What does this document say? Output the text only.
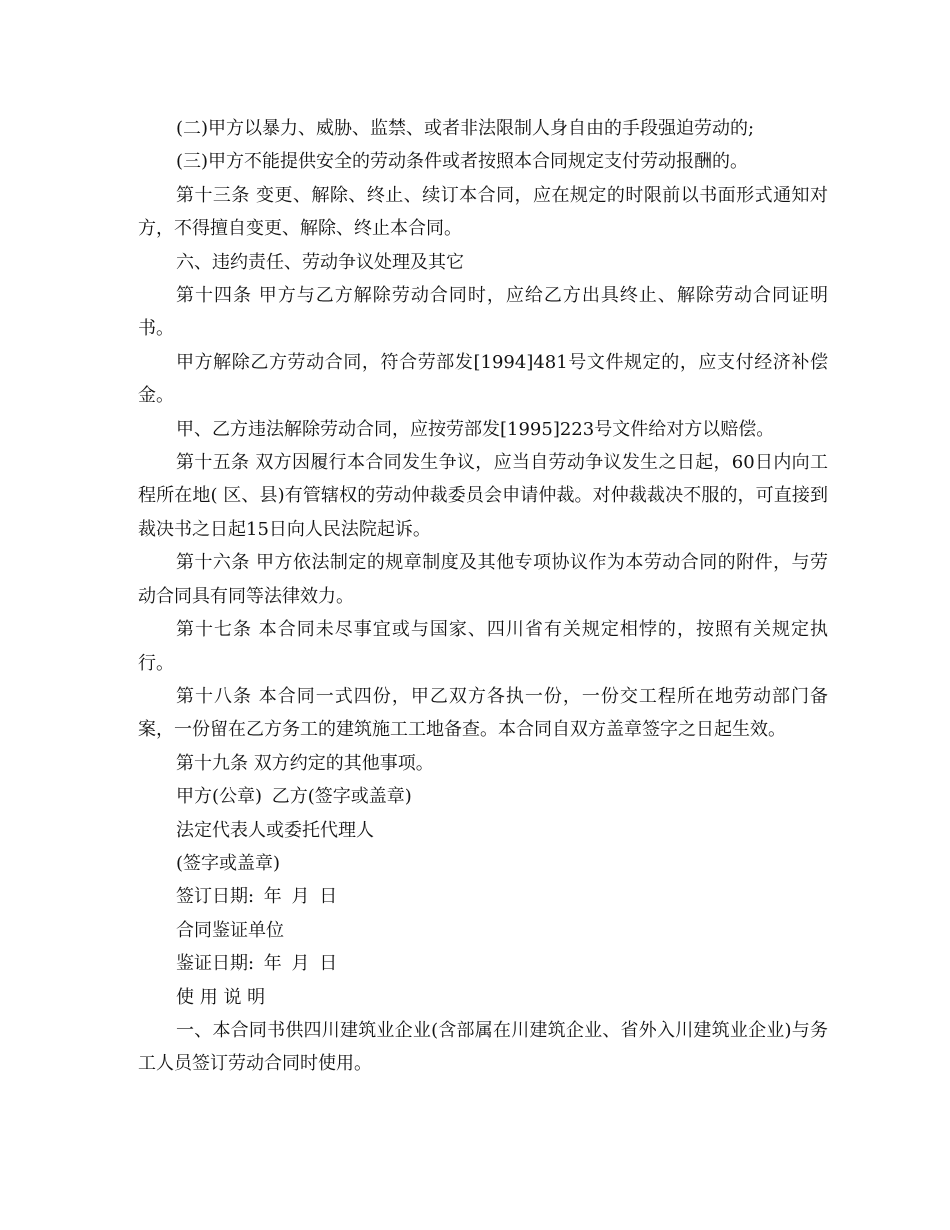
(二)甲方以暴力、威胁、监禁、或者非法限制人身自由的手段强迫劳动的;

(三)甲方不能提供安全的劳动条件或者按照本合同规定支付劳动报酬的。

第十三条 变更、解除、终止、续订本合同，应在规定的时限前以书面形式通知对方，不得擅自变更、解除、终止本合同。

六、违约责任、劳动争议处理及其它

第十四条 甲方与乙方解除劳动合同时，应给乙方出具终止、解除劳动合同证明书。

甲方解除乙方劳动合同，符合劳部发[1994]481号文件规定的，应支付经济补偿金。

甲、乙方违法解除劳动合同，应按劳部发[1995]223号文件给对方以赔偿。

第十五条 双方因履行本合同发生争议，应当自劳动争议发生之日起，60日内向工程所在地( 区、县)有管辖权的劳动仲裁委员会申请仲裁。对仲裁裁决不服的，可直接到裁决书之日起15日向人民法院起诉。

第十六条 甲方依法制定的规章制度及其他专项协议作为本劳动合同的附件，与劳动合同具有同等法律效力。

第十七条 本合同未尽事宜或与国家、四川省有关规定相悖的，按照有关规定执行。

第十八条 本合同一式四份，甲乙双方各执一份，一份交工程所在地劳动部门备案，一份留在乙方务工的建筑施工工地备查。本合同自双方盖章签字之日起生效。

第十九条 双方约定的其他事项。

甲方(公章) 乙方(签字或盖章)

法定代表人或委托代理人

(签字或盖章)

签订日期: 年 月 日

合同鉴证单位

鉴证日期: 年 月 日

使 用 说 明

一、本合同书供四川建筑业企业(含部属在川建筑企业、省外入川建筑业企业)与务工人员签订劳动合同时使用。
